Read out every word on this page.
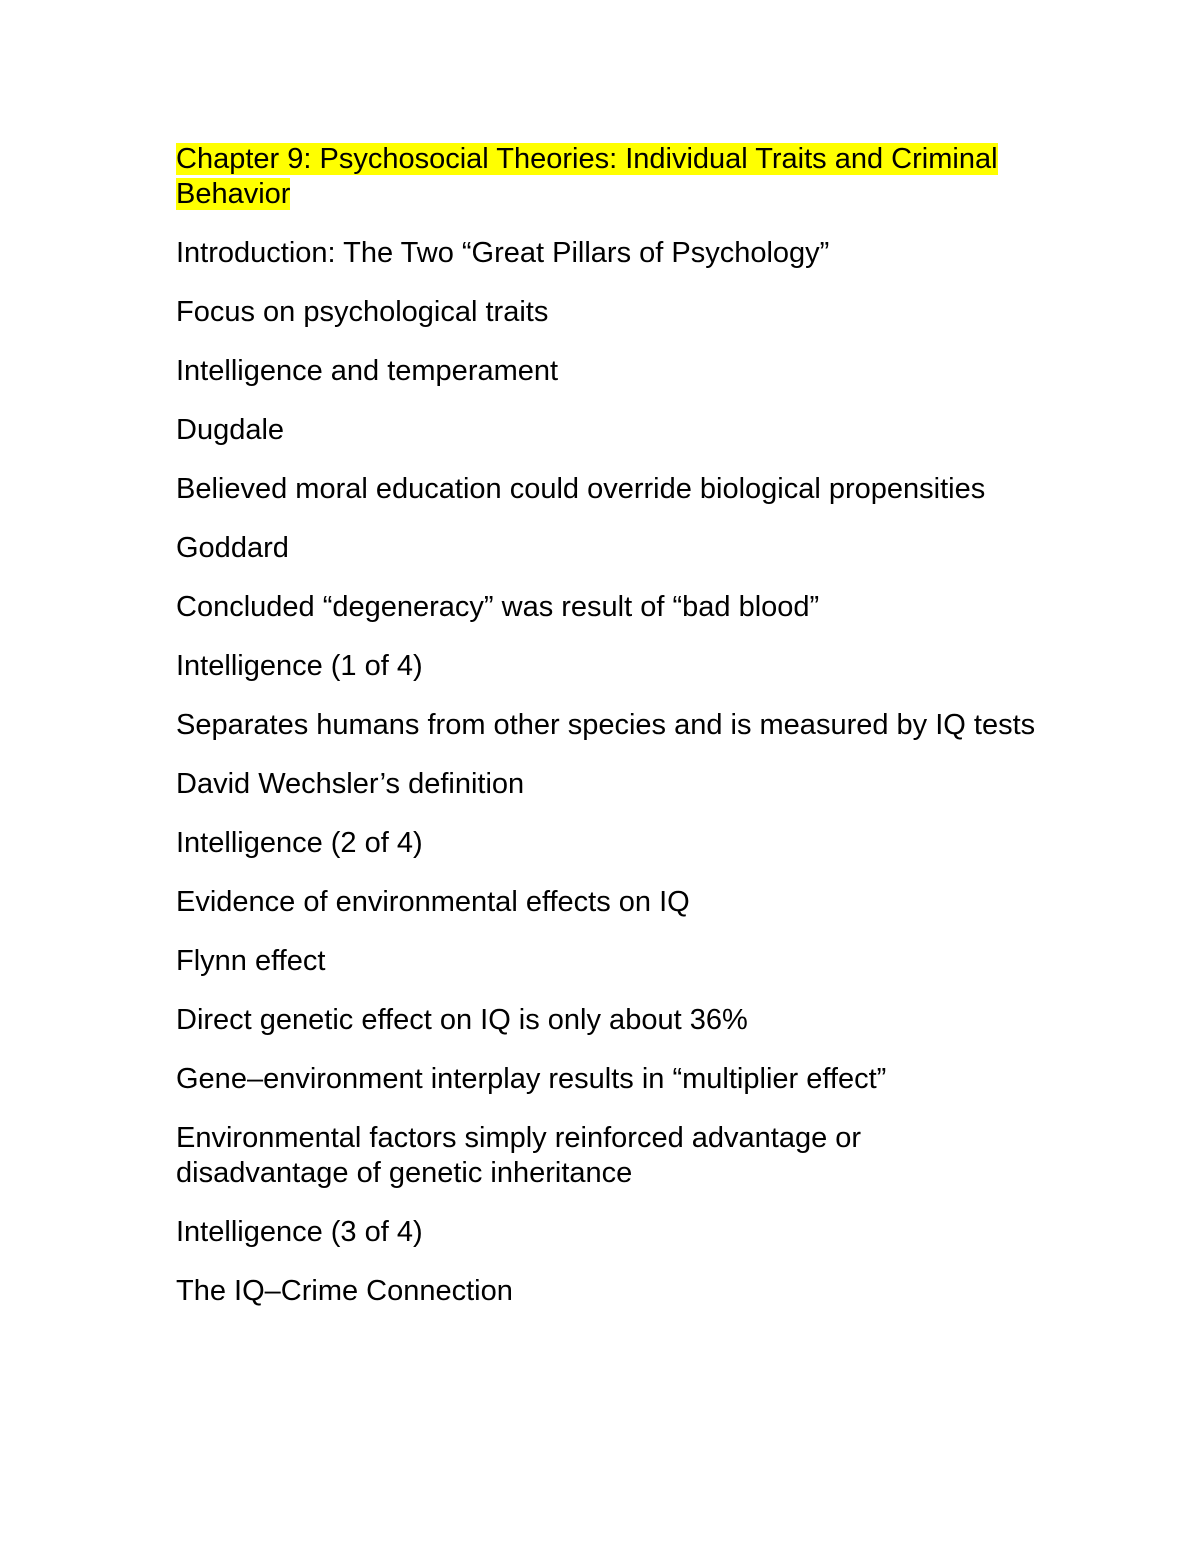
Chapter 9: Psychosocial Theories: Individual Traits and Criminal Behavior

Introduction: The Two “Great Pillars of Psychology”

Focus on psychological traits

Intelligence and temperament

Dugdale

Believed moral education could override biological propensities

Goddard

Concluded “degeneracy” was result of “bad blood”

Intelligence (1 of 4)

Separates humans from other species and is measured by IQ tests

David Wechsler’s definition

Intelligence (2 of 4)

Evidence of environmental effects on IQ

Flynn effect

Direct genetic effect on IQ is only about 36%

Gene–environment interplay results in “multiplier effect”

Environmental factors simply reinforced advantage or disadvantage of genetic inheritance

Intelligence (3 of 4)

The IQ–Crime Connection
